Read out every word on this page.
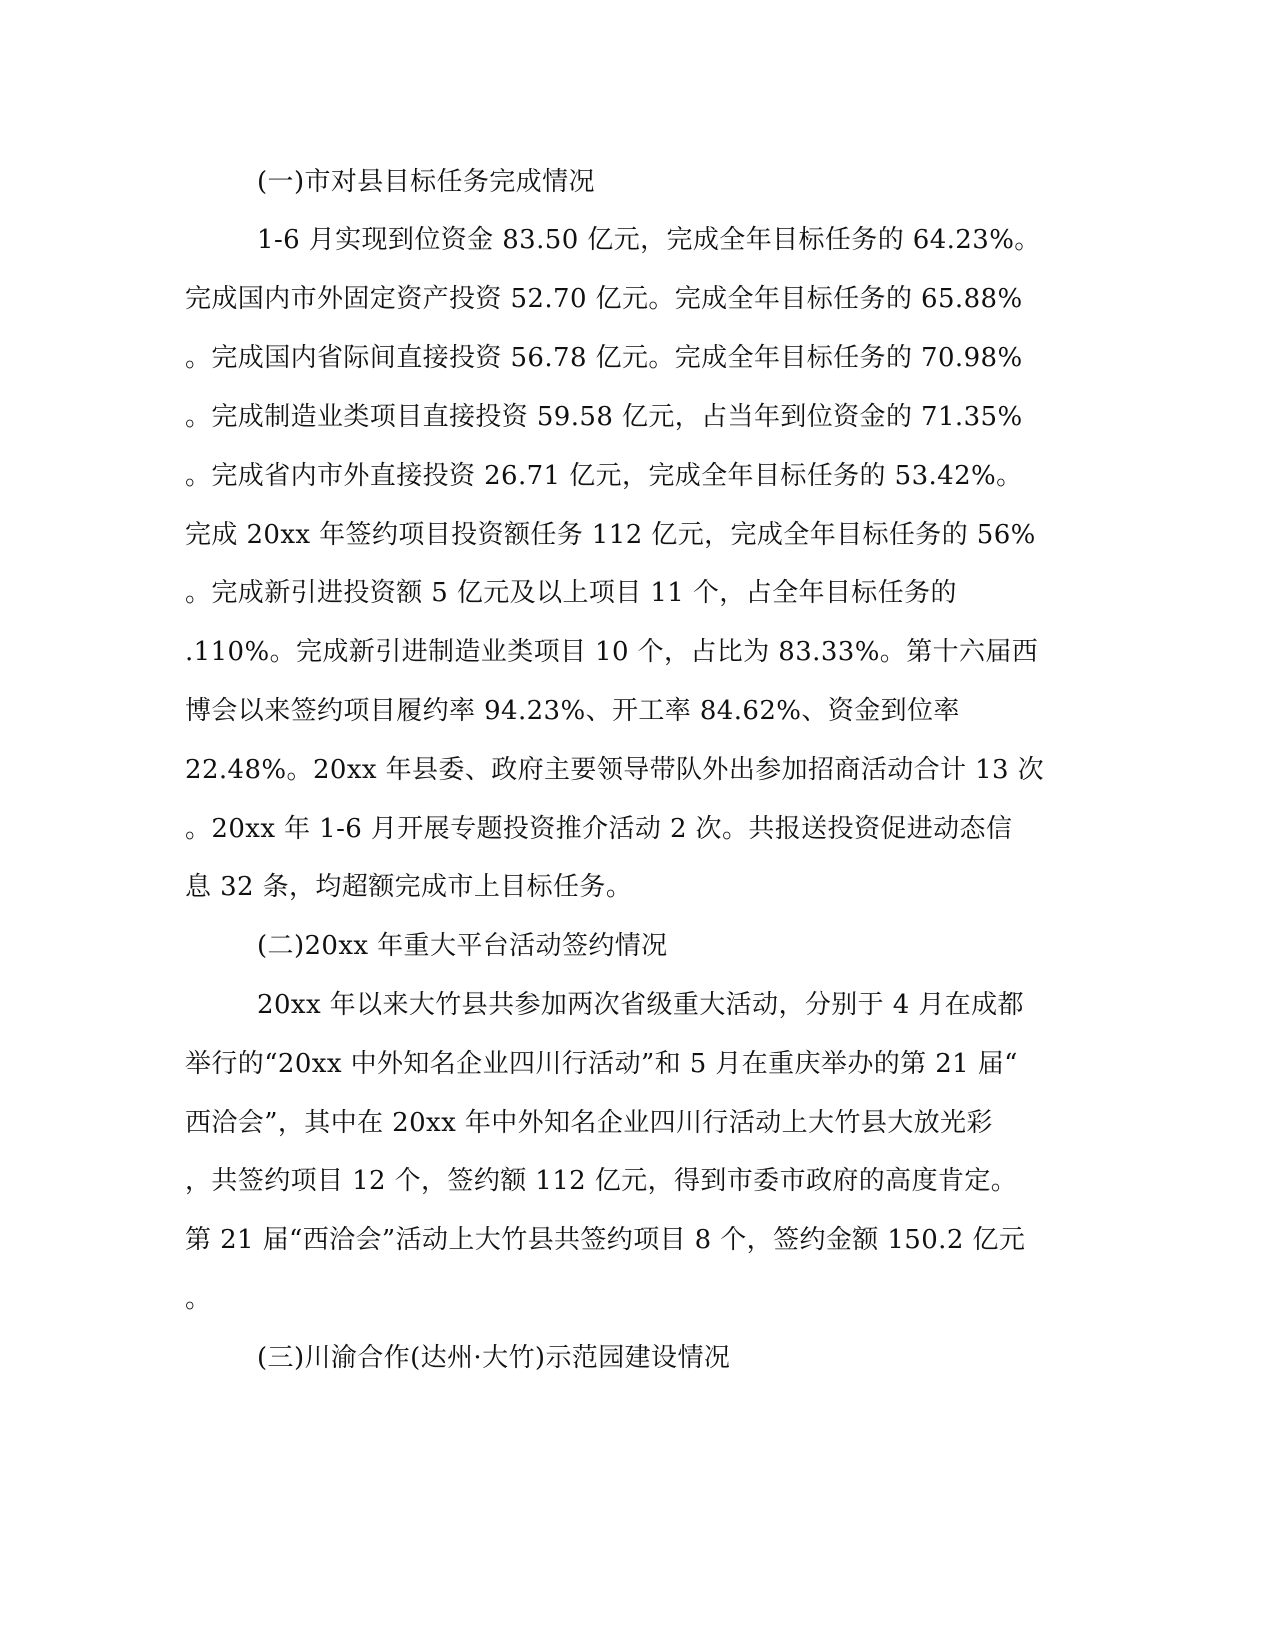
(一)市对县目标任务完成情况

1-6 月实现到位资金 83.50 亿元，完成全年目标任务的 64.23%。

完成国内市外固定资产投资 52.70 亿元。完成全年目标任务的 65.88%

。完成国内省际间直接投资 56.78 亿元。完成全年目标任务的 70.98%

。完成制造业类项目直接投资 59.58 亿元，占当年到位资金的 71.35%

。完成省内市外直接投资 26.71 亿元，完成全年目标任务的 53.42%。

完成 20xx 年签约项目投资额任务 112 亿元，完成全年目标任务的 56%

。完成新引进投资额 5 亿元及以上项目 11 个，占全年目标任务的

.110%。完成新引进制造业类项目 10 个，占比为 83.33%。第十六届西

博会以来签约项目履约率 94.23%、开工率 84.62%、资金到位率

22.48%。20xx 年县委、政府主要领导带队外出参加招商活动合计 13 次

。20xx 年 1-6 月开展专题投资推介活动 2 次。共报送投资促进动态信

息 32 条，均超额完成市上目标任务。

(二)20xx 年重大平台活动签约情况

20xx 年以来大竹县共参加两次省级重大活动，分别于 4 月在成都

举行的“20xx 中外知名企业四川行活动”和 5 月在重庆举办的第 21 届“

西洽会”，其中在 20xx 年中外知名企业四川行活动上大竹县大放光彩

，共签约项目 12 个，签约额 112 亿元，得到市委市政府的高度肯定。

第 21 届“西洽会”活动上大竹县共签约项目 8 个，签约金额 150.2 亿元

。

(三)川渝合作(达州·大竹)示范园建设情况
